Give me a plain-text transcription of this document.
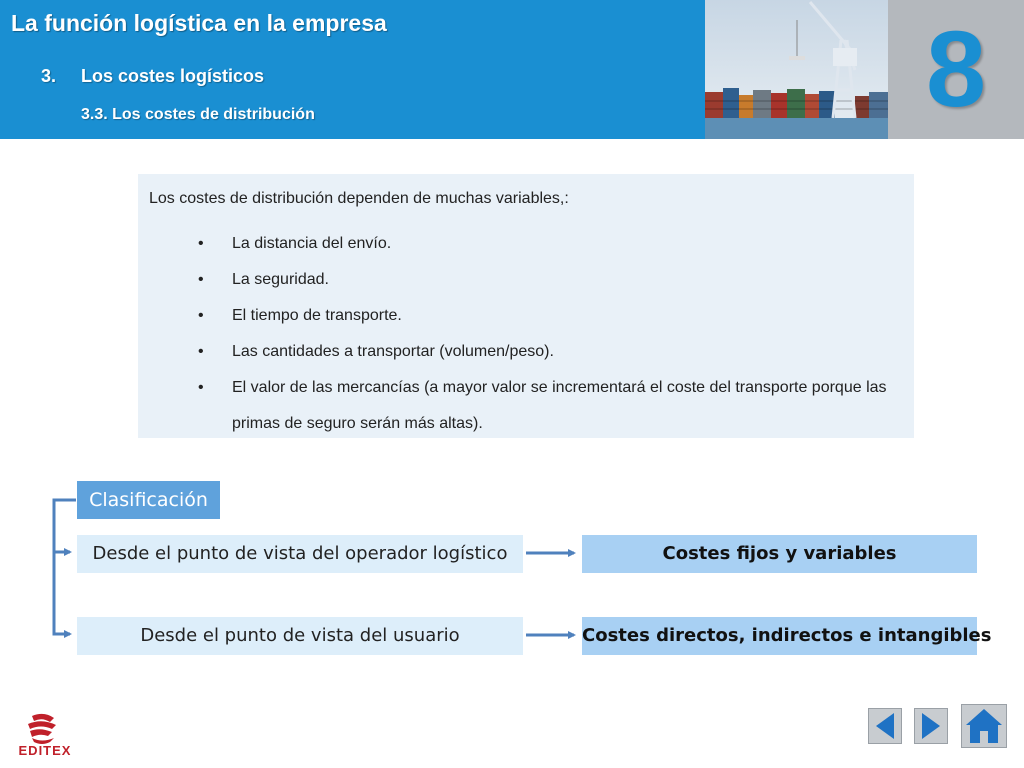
La función logística en la empresa
3. Los costes logísticos
3.3. Los costes de distribución	8
Los costes de distribución dependen de muchas variables,:
• La distancia del envío.
• La seguridad.
• El tiempo de transporte.
• Las cantidades a transportar (volumen/peso).
• El valor de las mercancías (a mayor valor se incrementará el coste del transporte porque las primas de seguro serán más altas).
Clasificación
Desde el punto de vista del operador logístico	Costes fijos y variables
Desde el punto de vista del usuario	Costes directos, indirectos e intangibles
EDITEX
